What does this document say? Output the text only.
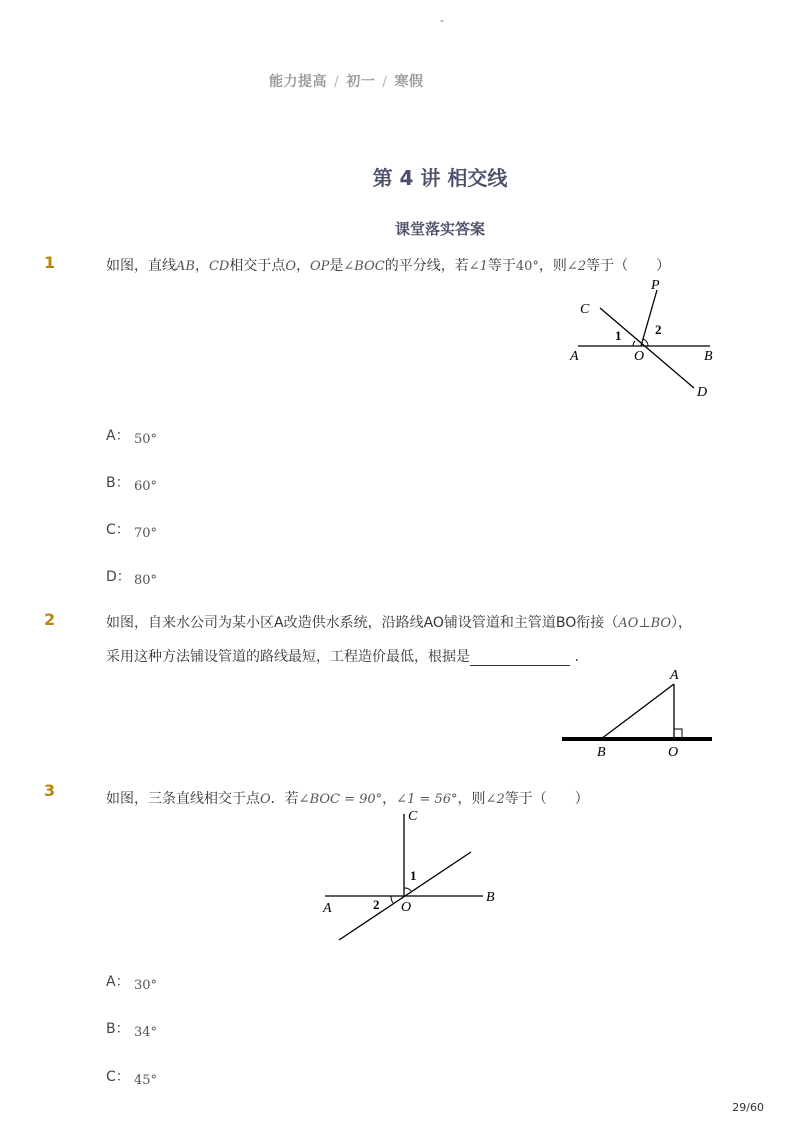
-
能力提高 / 初一 / 寒假
第 4 讲 相交线
课堂落实答案
1	如图，直线AB，CD相交于点O，OP是∠BOC的平分线，若∠1等于40°，则∠2等于（　　）
C
P
A	O	B
D
1	2
A： 50°
B： 60°
C： 70°
D： 80°
2	如图，自来水公司为某小区A改造供水系统，沿路线AO铺设管道和主管道BO衔接（AO⊥BO），
采用这种方法铺设管道的路线最短，工程造价最低，根据是	.
A
B	O
3	如图，三条直线相交于点O．若∠BOC = 90°，∠1 = 56°，则∠2等于（　　）
C
A	O
B
1
2
A： 30°
B： 34°
C： 45°
29/60
